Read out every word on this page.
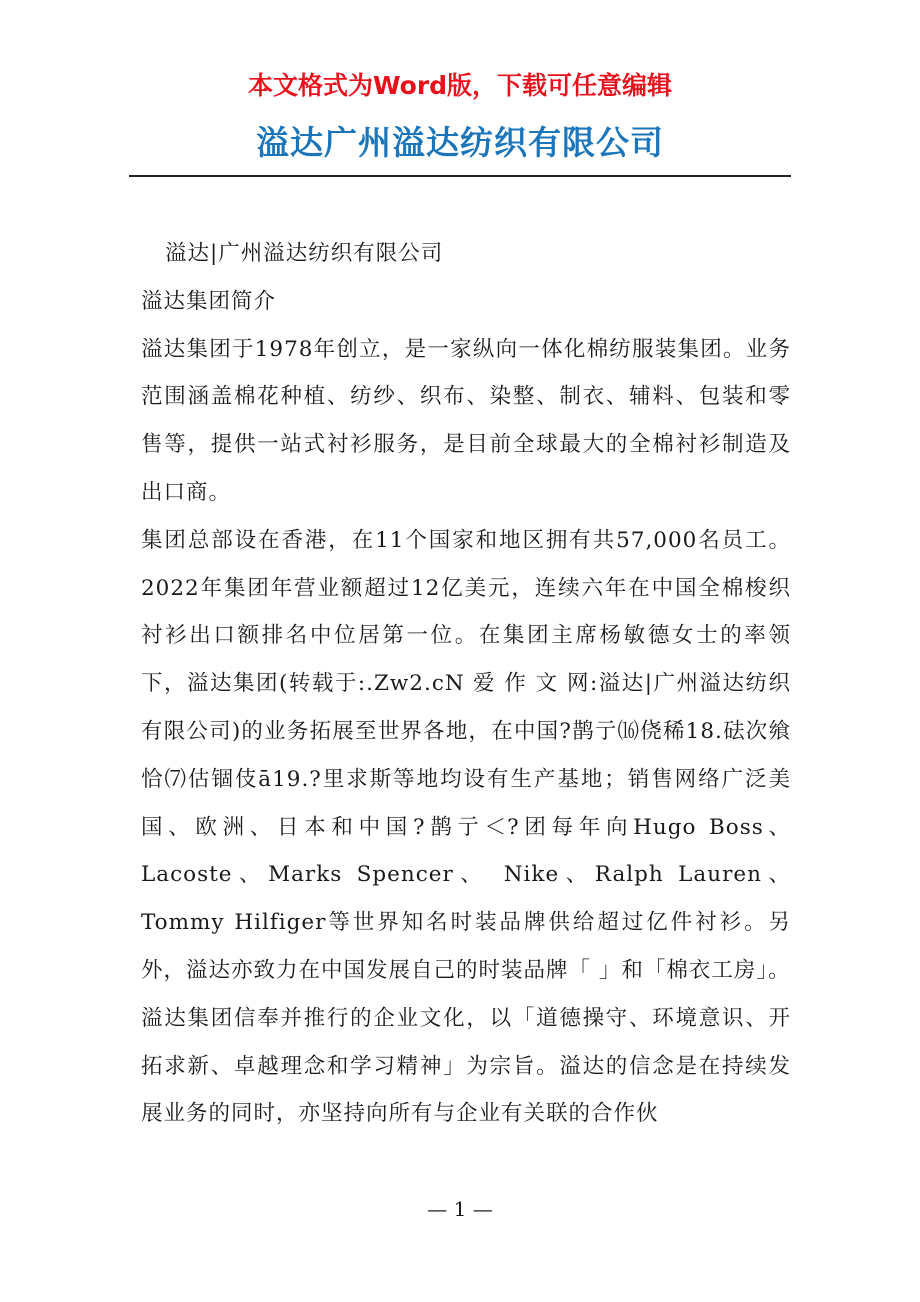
本文格式为Word版，下载可任意编辑

溢达广州溢达纺织有限公司

溢达|广州溢达纺织有限公司

溢达集团简介

溢达集团于1978年创立，是一家纵向一体化棉纺服装集团。业务范围涵盖棉花种植、纺纱、织布、染整、制衣、辅料、包装和零售等，提供一站式衬衫服务，是目前全球最大的全棉衬衫制造及出口商。

集团总部设在香港，在11个国家和地区拥有共57,000名员工。2022年集团年营业额超过12亿美元，连续六年在中国全棉梭织衬衫出口额排名中位居第一位。在集团主席杨敏德女士的率领下，溢达集团(转载于:.Zw2.cN 爱 作 文 网:溢达|广州溢达纺织有限公司)的业务拓展至世界各地，在中国?鹊亍⒃侥稀18.砝次飨恰⑺估锢伎ā19.?里求斯等地均设有生产基地；销售网络广泛美国、欧洲、日本和中国?鹊亍＜?团每年向Hugo Boss、Lacoste、Marks Spencer、 Nike、Ralph Lauren、Tommy Hilfiger等世界知名时装品牌供给超过亿件衬衫。另外，溢达亦致力在中国发展自己的时装品牌「 」和「棉衣工房」。

溢达集团信奉并推行的企业文化，以「道德操守、环境意识、开拓求新、卓越理念和学习精神」为宗旨。溢达的信念是在持续发展业务的同时，亦坚持向所有与企业有关联的合作伙

— 1 —
